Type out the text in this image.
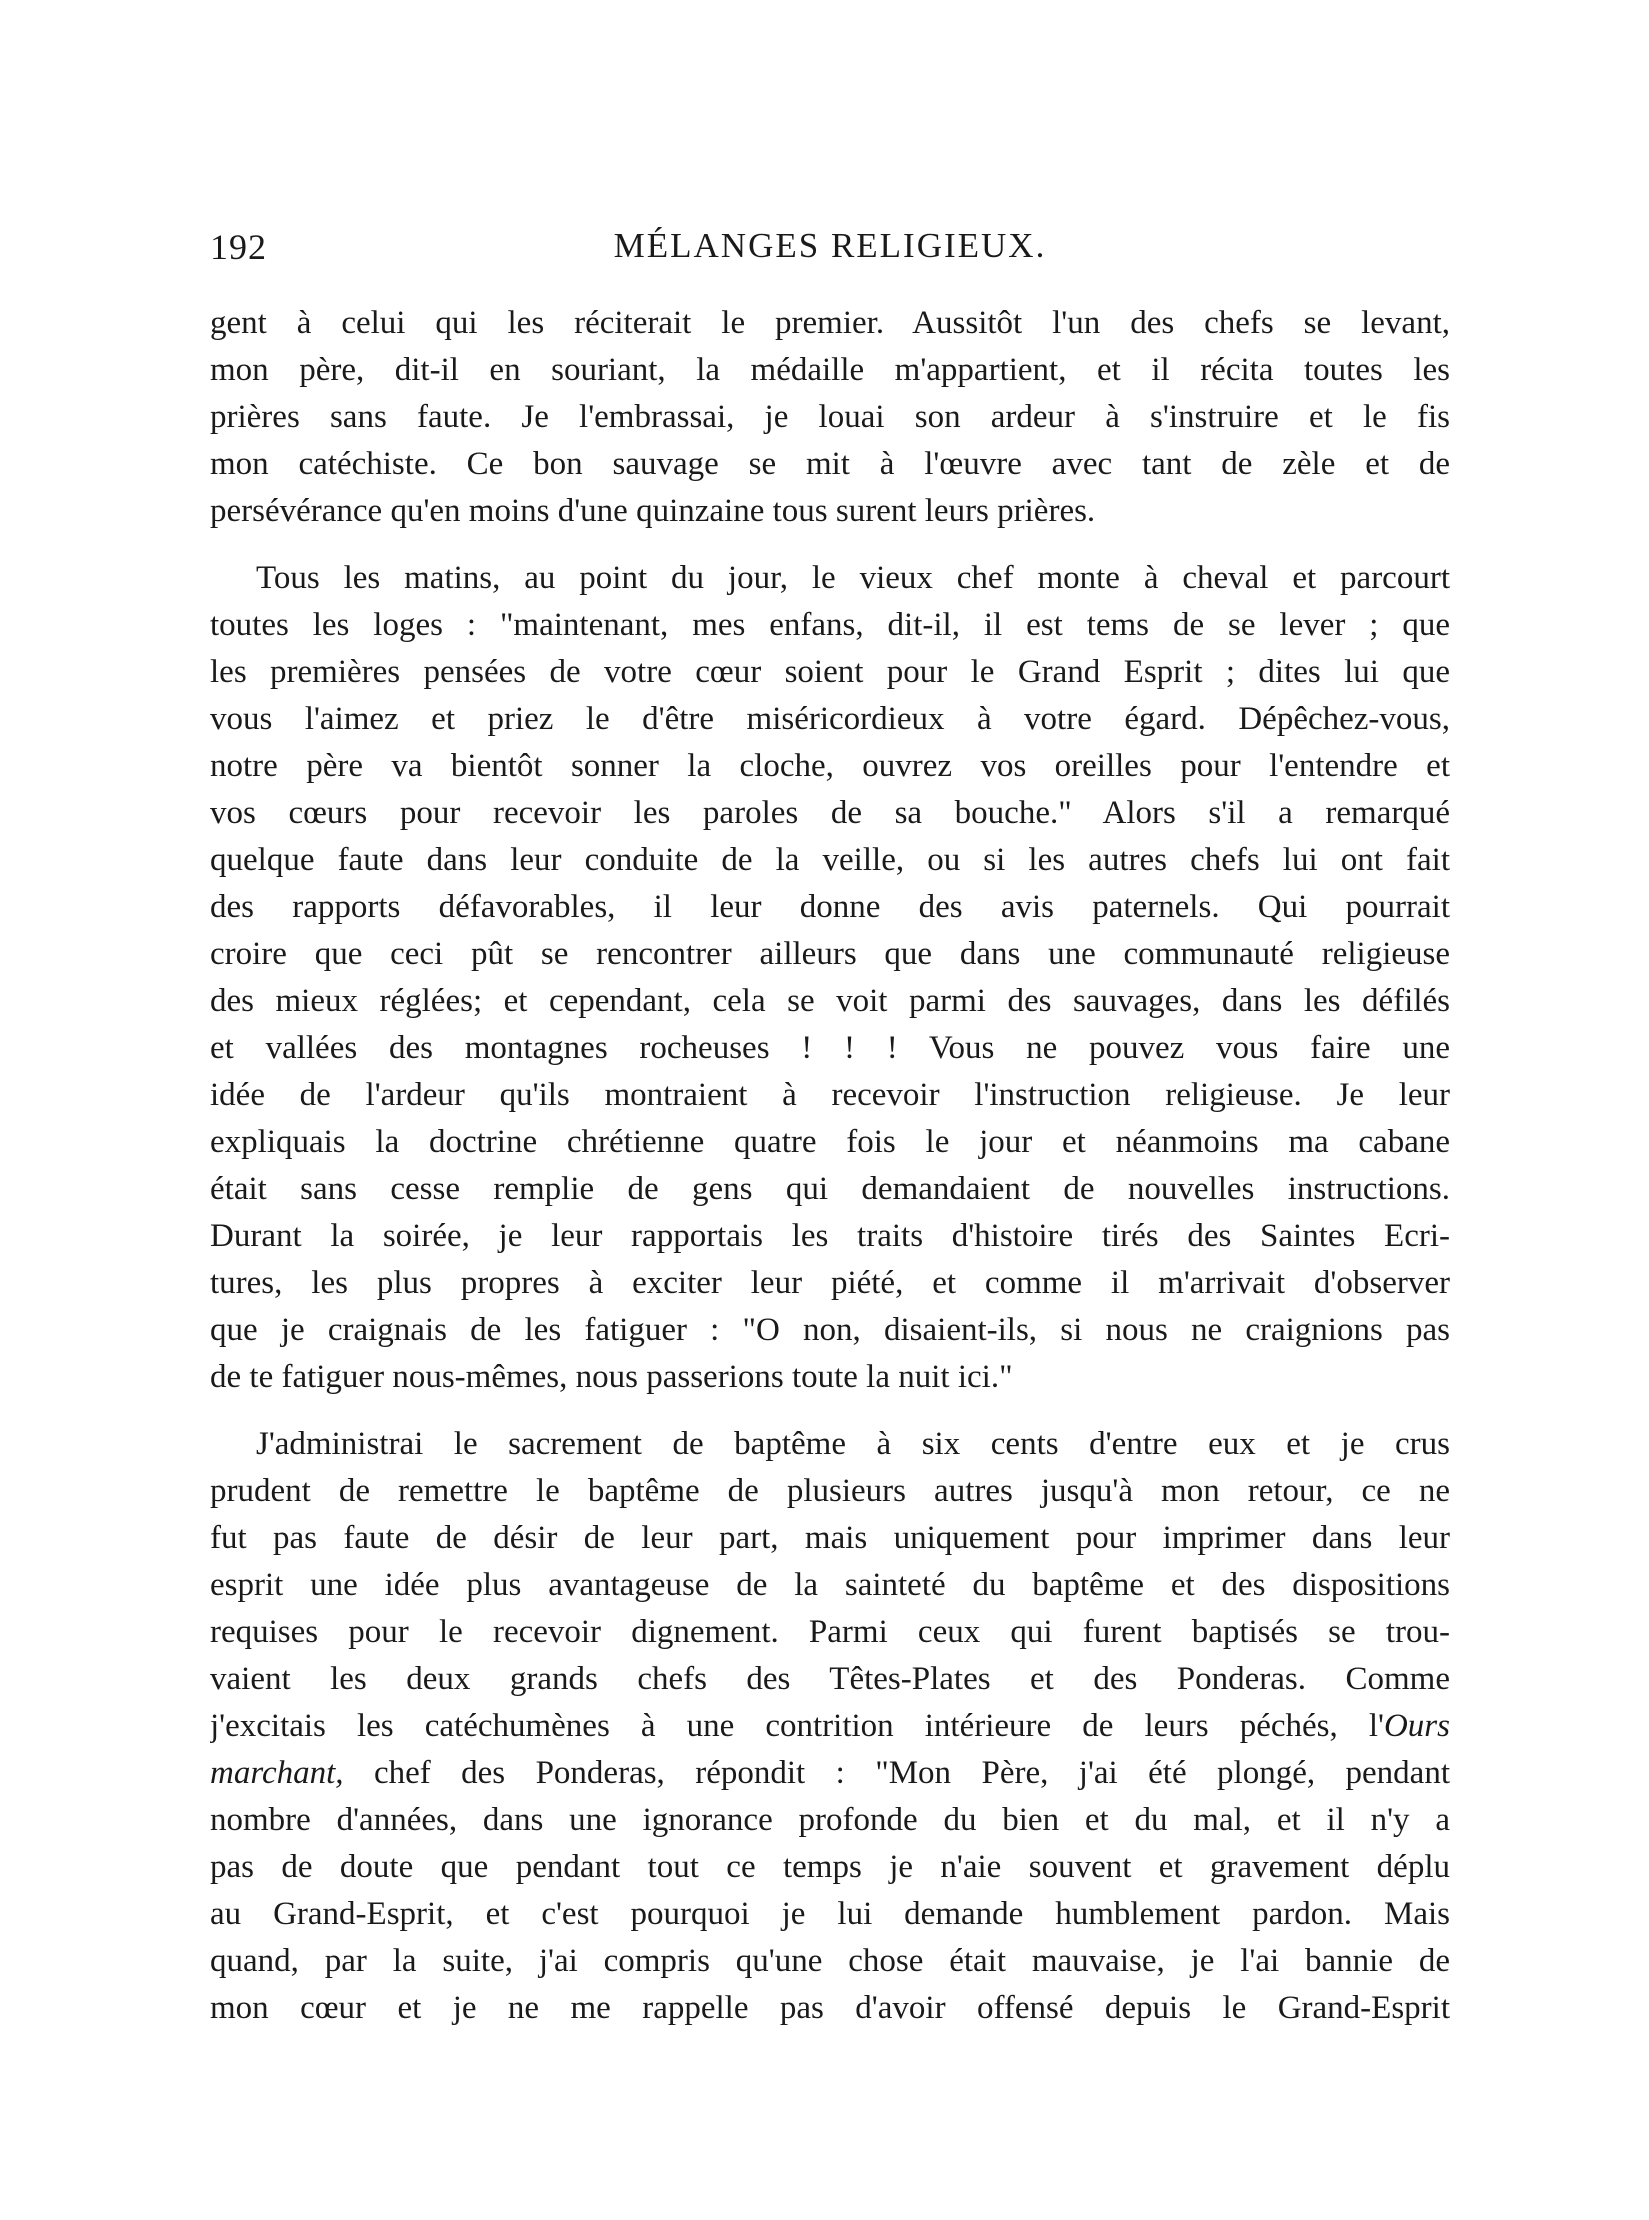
192	MÉLANGES RELIGIEUX.
gent à celui qui les réciterait le premier. Aussitôt l'un des chefs se levant,
mon père, dit-il en souriant, la médaille m'appartient, et il récita toutes les
prières sans faute. Je l'embrassai, je louai son ardeur à s'instruire et le fis
mon catéchiste. Ce bon sauvage se mit à l'œuvre avec tant de zèle et de
persévérance qu'en moins d'une quinzaine tous surent leurs prières.
Tous les matins, au point du jour, le vieux chef monte à cheval et parcourt
toutes les loges : "maintenant, mes enfans, dit-il, il est tems de se lever ; que
les premières pensées de votre cœur soient pour le Grand Esprit ; dites lui que
vous l'aimez et priez le d'être miséricordieux à votre égard. Dépêchez-vous,
notre père va bientôt sonner la cloche, ouvrez vos oreilles pour l'entendre et
vos cœurs pour recevoir les paroles de sa bouche." Alors s'il a remarqué
quelque faute dans leur conduite de la veille, ou si les autres chefs lui ont fait
des rapports défavorables, il leur donne des avis paternels. Qui pourrait
croire que ceci pût se rencontrer ailleurs que dans une communauté religieuse
des mieux réglées; et cependant, cela se voit parmi des sauvages, dans les défilés
et vallées des montagnes rocheuses ! ! ! Vous ne pouvez vous faire une
idée de l'ardeur qu'ils montraient à recevoir l'instruction religieuse. Je leur
expliquais la doctrine chrétienne quatre fois le jour et néanmoins ma cabane
était sans cesse remplie de gens qui demandaient de nouvelles instructions.
Durant la soirée, je leur rapportais les traits d'histoire tirés des Saintes Ecri-
tures, les plus propres à exciter leur piété, et comme il m'arrivait d'observer
que je craignais de les fatiguer : "O non, disaient-ils, si nous ne craignions pas
de te fatiguer nous-mêmes, nous passerions toute la nuit ici."
J'administrai le sacrement de baptême à six cents d'entre eux et je crus
prudent de remettre le baptême de plusieurs autres jusqu'à mon retour, ce ne
fut pas faute de désir de leur part, mais uniquement pour imprimer dans leur
esprit une idée plus avantageuse de la sainteté du baptême et des dispositions
requises pour le recevoir dignement. Parmi ceux qui furent baptisés se trou-
vaient les deux grands chefs des Têtes-Plates et des Ponderas. Comme
j'excitais les catéchumènes à une contrition intérieure de leurs péchés, l'Ours
marchant, chef des Ponderas, répondit : "Mon Père, j'ai été plongé, pendant
nombre d'années, dans une ignorance profonde du bien et du mal, et il n'y a
pas de doute que pendant tout ce temps je n'aie souvent et gravement déplu
au Grand-Esprit, et c'est pourquoi je lui demande humblement pardon. Mais
quand, par la suite, j'ai compris qu'une chose était mauvaise, je l'ai bannie de
mon cœur et je ne me rappelle pas d'avoir offensé depuis le Grand-Esprit
